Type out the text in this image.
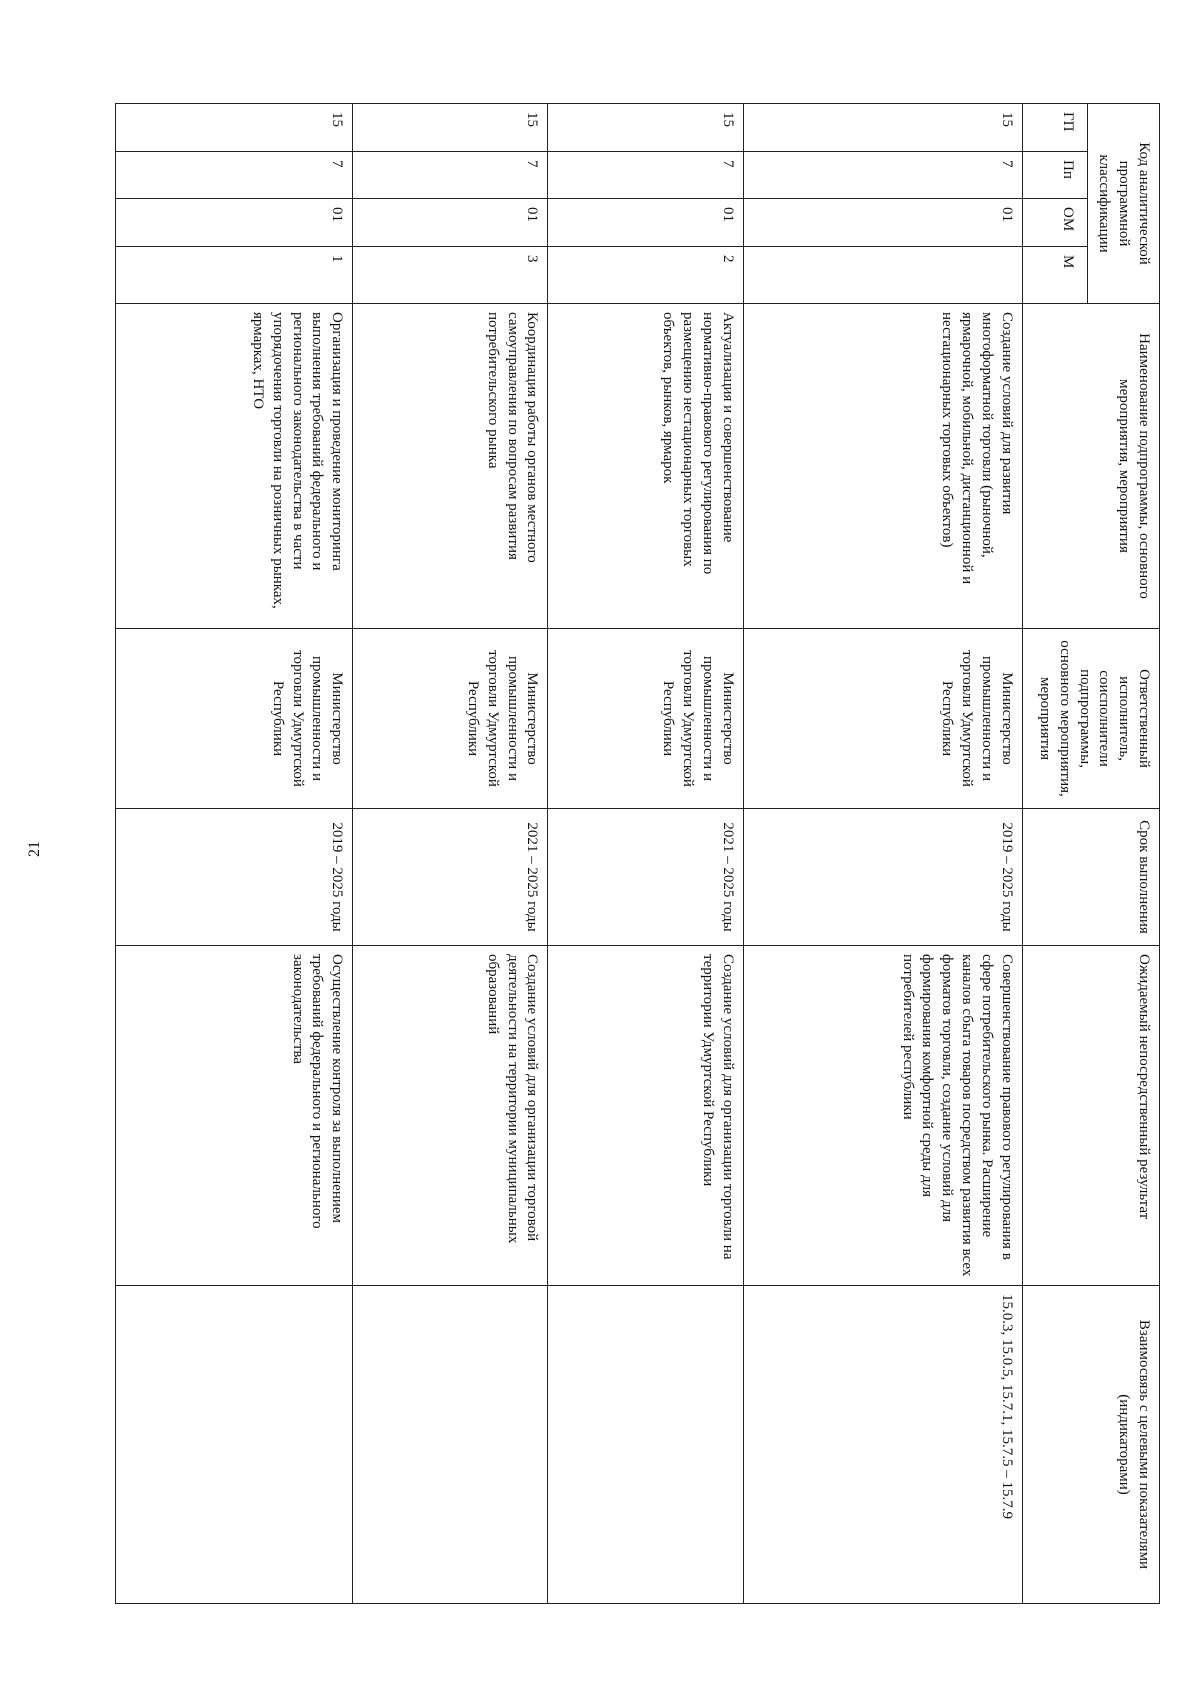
21
Код аналитической программной классификации				Наименование подпрограммы, основного мероприятия, мероприятия	Ответственный исполнитель, соисполнители подпрограммы, основного мероприятия, мероприятия	Срок выполнения	Ожидаемый непосредственный результат	Взаимосвязь с целевыми показателями (индикаторами)
ГП	Пп	ОМ	М					
15	7	01		Создание условий для развития многоформатной торговли (рыночной, ярмарочной, мобильной, дистанционной и нестационарных торговых объектов)	Министерство промышленности и торговли Удмуртской Республики	2019 – 2025 годы	Совершенствование правового регулирования в сфере потребительского рынка. Расширение каналов сбыта товаров посредством развития всех форматов торговли, создание условий для формирования комфортной среды для потребителей республики	15.0.3, 15.0.5, 15.7.1, 15.7.5 – 15.7.9
15	7	01	2	Актуализация и совершенствование нормативно-правового регулирования по размещению нестационарных торговых объектов, рынков, ярмарок	Министерство промышленности и торговли Удмуртской Республики	2021 – 2025 годы	Создание условий для организации торговли на территории Удмуртской Республики	
15	7	01	3	Координация работы органов местного самоуправления по вопросам развития потребительского рынка	Министерство промышленности и торговли Удмуртской Республики	2021 – 2025 годы	Создание условий для организации торговой деятельности на территории муниципальных образований	
15	7	01	1	Организация и проведение мониторинга выполнения требований федерального и регионального законодательства в части упорядочения торговли на розничных рынках, ярмарках, НТО	Министерство промышленности и торговли Удмуртской Республики	2019 – 2025 годы	Осуществление контроля за выполнением требований федерального и регионального законодательства	
